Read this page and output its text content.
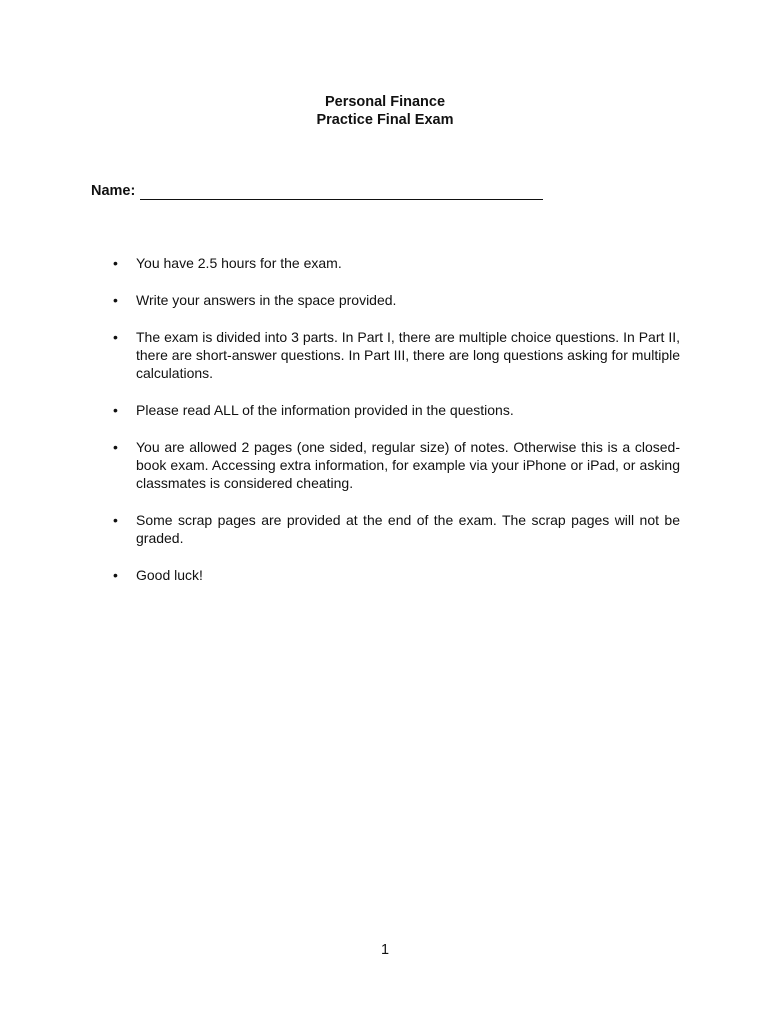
Personal Finance
Practice Final Exam
Name:
• You have 2.5 hours for the exam.
• Write your answers in the space provided.
• The exam is divided into 3 parts. In Part I, there are multiple choice questions. In Part II, there are short-answer questions. In Part III, there are long questions asking for multiple calculations.
• Please read ALL of the information provided in the questions.
• You are allowed 2 pages (one sided, regular size) of notes. Otherwise this is a closed-book exam. Accessing extra information, for example via your iPhone or iPad, or asking classmates is considered cheating.
• Some scrap pages are provided at the end of the exam. The scrap pages will not be graded.
• Good luck!
1
